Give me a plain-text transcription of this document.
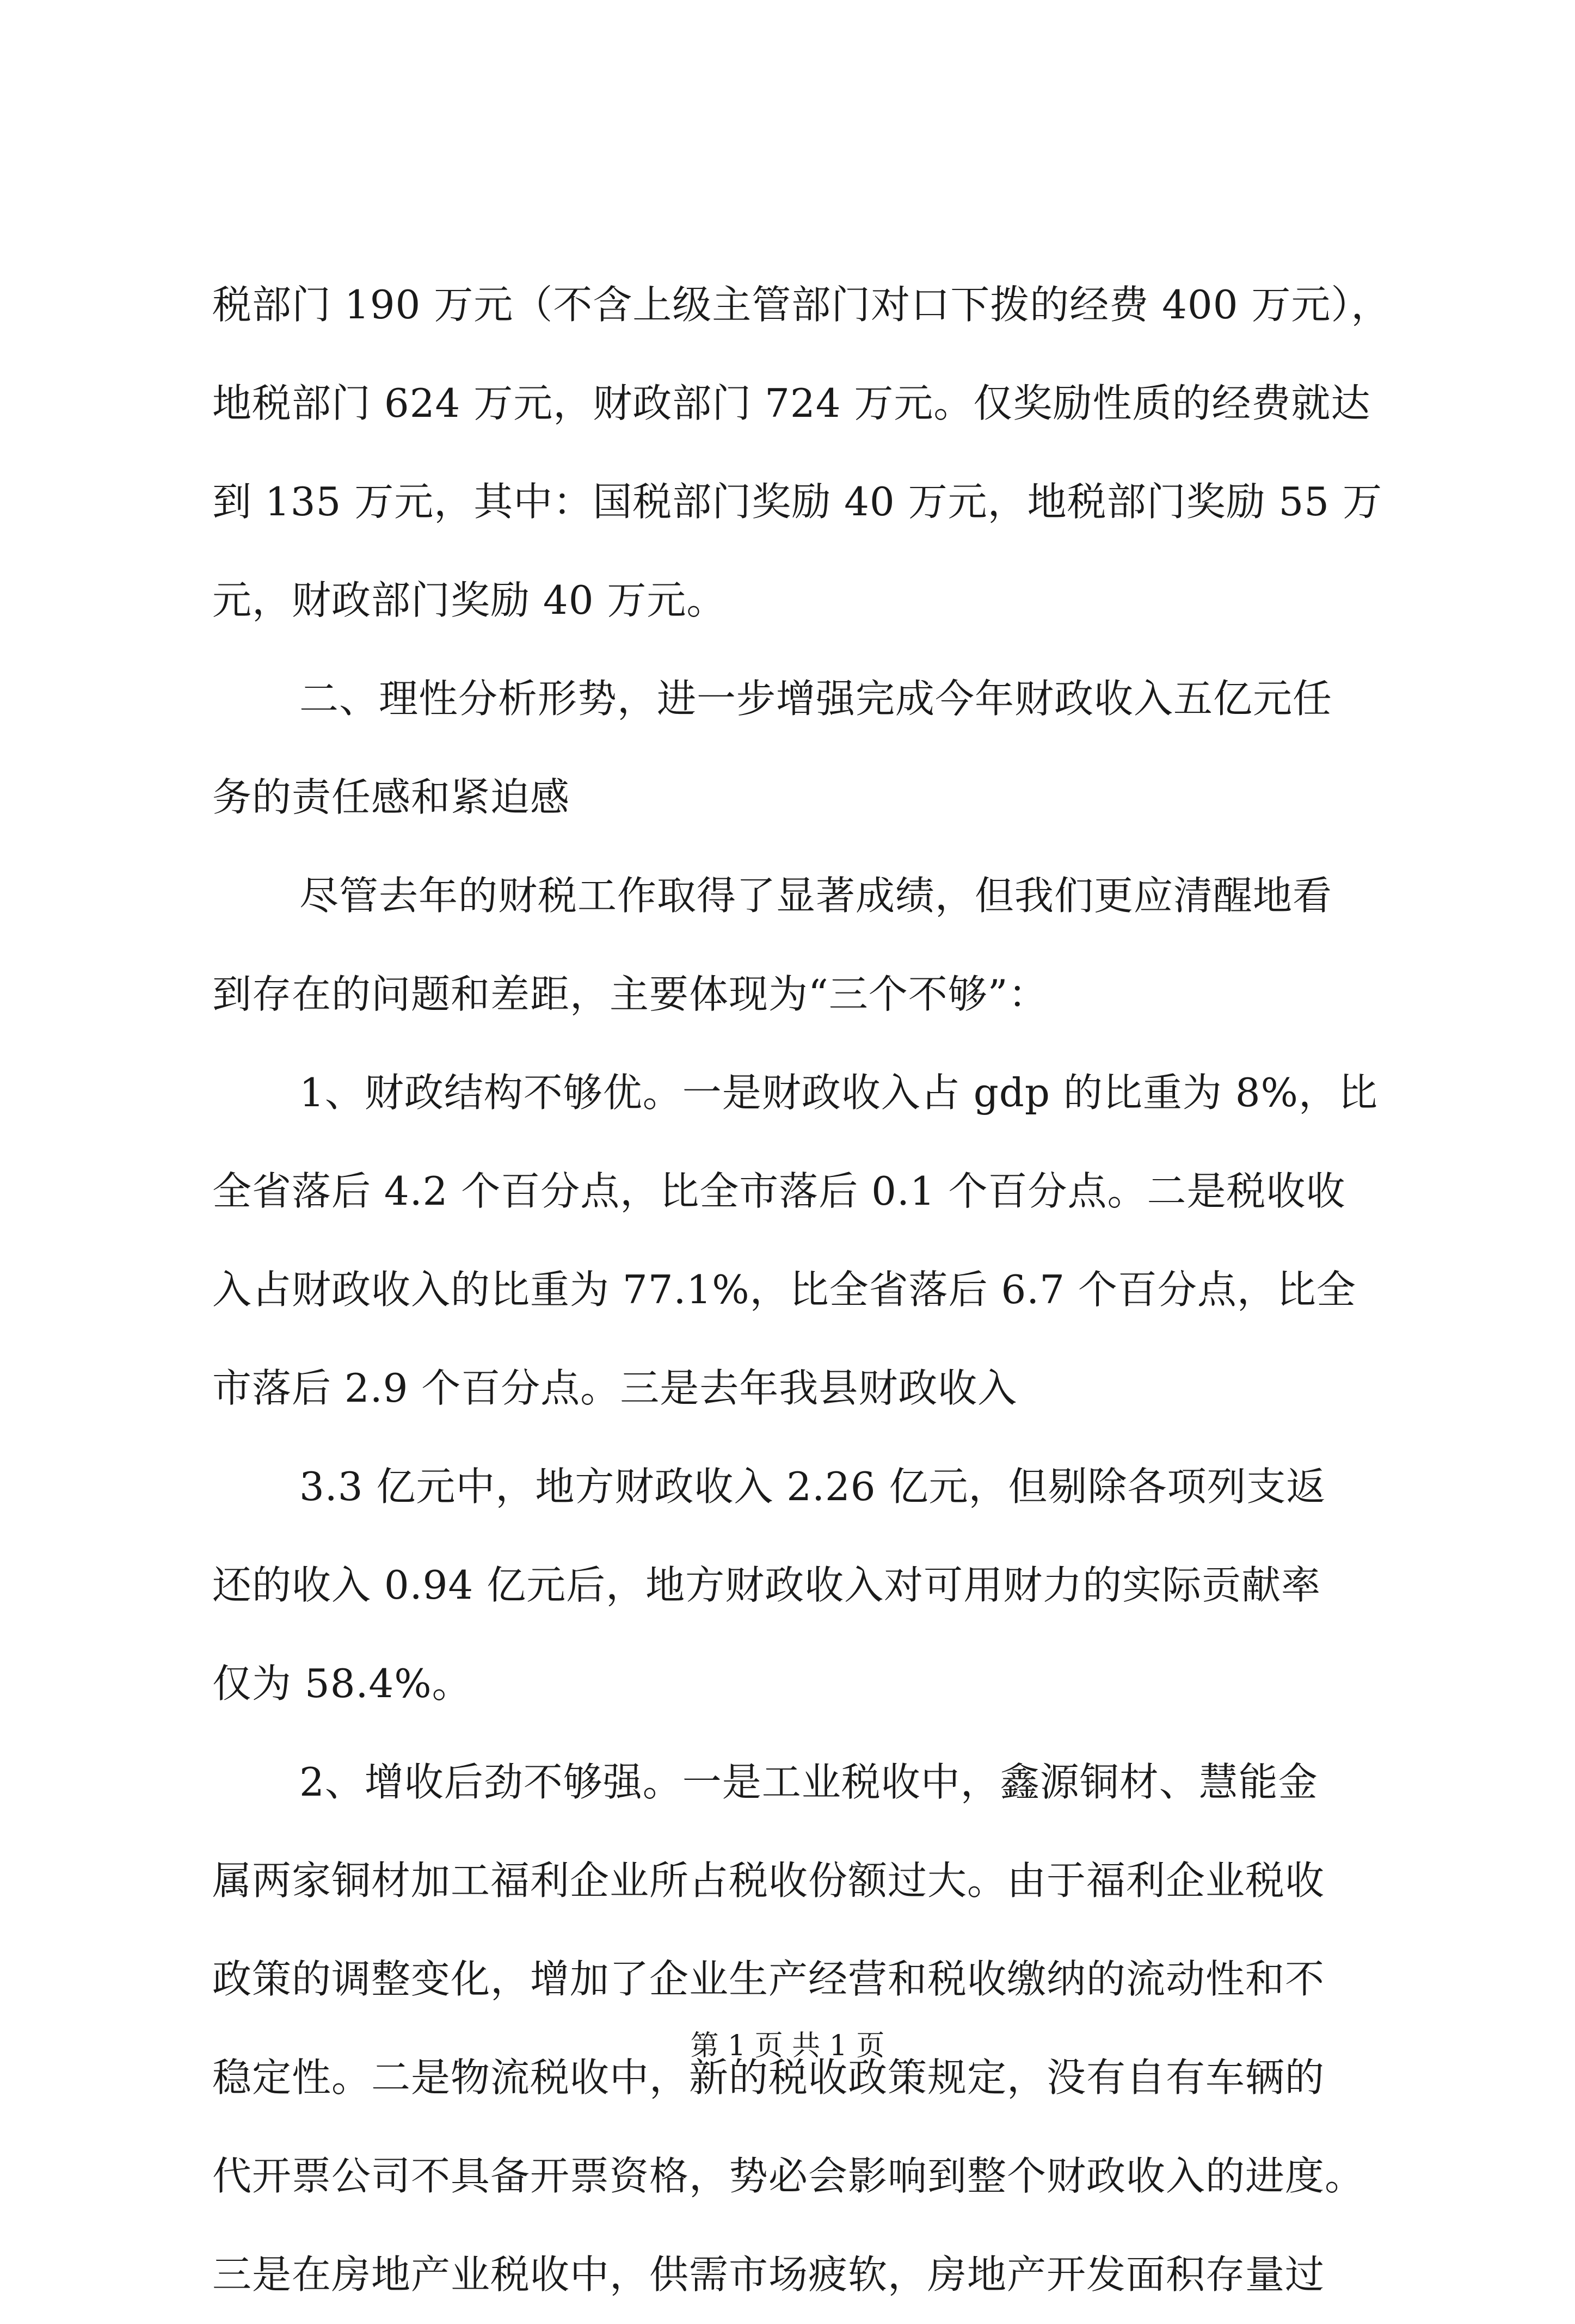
税部门 190 万元（不含上级主管部门对口下拨的经费 400 万元），
地税部门 624 万元，财政部门 724 万元。仅奖励性质的经费就达
到 135 万元，其中：国税部门奖励 40 万元，地税部门奖励 55 万
元，财政部门奖励 40 万元。
二、理性分析形势，进一步增强完成今年财政收入五亿元任
务的责任感和紧迫感
尽管去年的财税工作取得了显著成绩，但我们更应清醒地看
到存在的问题和差距，主要体现为“三个不够”：
1、财政结构不够优。一是财政收入占 gdp 的比重为 8%，比
全省落后 4.2 个百分点，比全市落后 0.1 个百分点。二是税收收
入占财政收入的比重为 77.1%，比全省落后 6.7 个百分点，比全
市落后 2.9 个百分点。三是去年我县财政收入
3.3 亿元中，地方财政收入 2.26 亿元，但剔除各项列支返
还的收入 0.94 亿元后，地方财政收入对可用财力的实际贡献率
仅为 58.4%。
2、增收后劲不够强。一是工业税收中，鑫源铜材、慧能金
属两家铜材加工福利企业所占税收份额过大。由于福利企业税收
政策的调整变化，增加了企业生产经营和税收缴纳的流动性和不
稳定性。二是物流税收中，新的税收政策规定，没有自有车辆的
代开票公司不具备开票资格，势必会影响到整个财政收入的进度。
三是在房地产业税收中，供需市场疲软，房地产开发面积存量过
第 1 页 共 1 页
